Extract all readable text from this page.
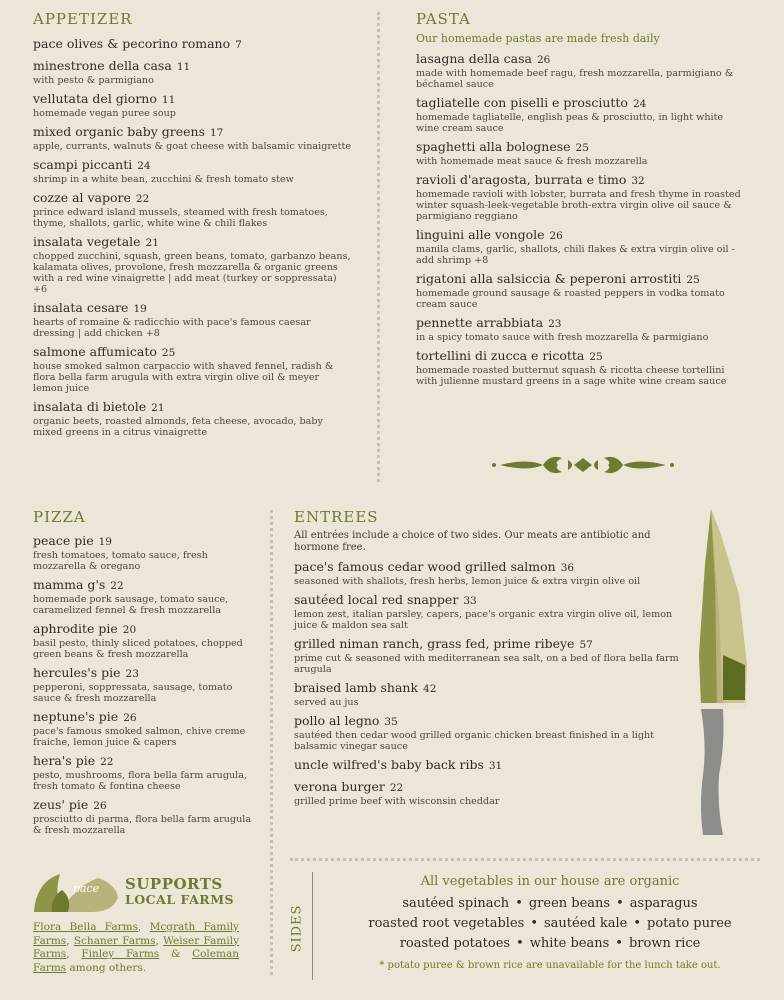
APPETIZER	PASTA
PIZZA	ENTREES
pace olives & pecorino romano 7
minestrone della casa 11
with pesto & parmigiano
vellutata del giorno 11
homemade vegan puree soup
mixed organic baby greens 17
apple, currants, walnuts & goat cheese with balsamic vinaigrette
scampi piccanti 24
shrimp in a white bean, zucchini & fresh tomato stew
cozze al vapore 22
prince edward island mussels, steamed with fresh tomatoes, thyme, shallots, garlic, white wine & chili flakes
insalata vegetale 21
chopped zucchini, squash, green beans, tomato, garbanzo beans, kalamata olives, provolone, fresh mozzarella & organic greens with a red wine vinaigrette | add meat (turkey or soppressata) +6
insalata cesare 19
hearts of romaine & radicchio with pace's famous caesar dressing | add chicken +8
salmone affumicato 25
house smoked salmon carpaccio with shaved fennel, radish & flora bella farm arugula with extra virgin olive oil & meyer lemon juice
insalata di bietole 21
organic beets, roasted almonds, feta cheese, avocado, baby mixed greens in a citrus vinaigrette
Our homemade pastas are made fresh daily
lasagna della casa 26
made with homemade beef ragu, fresh mozzarella, parmigiano & béchamel sauce
tagliatelle con piselli e prosciutto 24
homemade tagliatelle, english peas & prosciutto, in light white wine cream sauce
spaghetti alla bolognese 25
with homemade meat sauce & fresh mozzarella
ravioli d'aragosta, burrata e timo 32
homemade ravioli with lobster, burrata and fresh thyme in roasted winter squash-leek-vegetable broth-extra virgin olive oil sauce & parmigiano reggiano
linguini alle vongole 26
manila clams, garlic, shallots, chili flakes & extra virgin olive oil - add shrimp +8
rigatoni alla salsiccia & peperoni arrostiti 25
homemade ground sausage & roasted peppers in vodka tomato cream sauce
pennette arrabbiata 23
in a spicy tomato sauce with fresh mozzarella & parmigiano
tortellini di zucca e ricotta 25
homemade roasted butternut squash & ricotta cheese tortellini with julienne mustard greens in a sage white wine cream sauce
peace pie 19
fresh tomatoes, tomato sauce, fresh mozzarella & oregano
mamma g's 22
homemade pork sausage, tomato sauce, caramelized fennel & fresh mozzarella
aphrodite pie 20
basil pesto, thinly sliced potatoes, chopped green beans & fresh mozzarella
hercules's pie 23
pepperoni, soppressata, sausage, tomato sauce & fresh mozzarella
neptune's pie 26
pace's famous smoked salmon, chive creme fraiche, lemon juice & capers
hera's pie 22
pesto, mushrooms, flora bella farm arugula, fresh tomato & fontina cheese
zeus' pie 26
prosciutto di parma, flora bella farm arugula & fresh mozzarella
All entrées include a choice of two sides. Our meats are antibiotic and hormone free.
pace's famous cedar wood grilled salmon 36
seasoned with shallots, fresh herbs, lemon juice & extra virgin olive oil
sautéed local red snapper 33
lemon zest, italian parsley, capers, pace's organic extra virgin olive oil, lemon juice & maldon sea salt
grilled niman ranch, grass fed, prime ribeye 57
prime cut & seasoned with mediterranean sea salt, on a bed of flora bella farm arugula
braised lamb shank 42
served au jus
pollo al legno 35
sautéed then cedar wood grilled organic chicken breast finished in a light balsamic vinegar sauce
uncle wilfred's baby back ribs 31
verona burger 22
grilled prime beef with wisconsin cheddar
SIDES
All vegetables in our house are organic
sautéed spinach • green beans • asparagus
roasted root vegetables • sautéed kale • potato puree
roasted potatoes • white beans • brown rice
* potato puree & brown rice are unavailable for the lunch take out.
pace SUPPORTS
LOCAL FARMS
Flora Bella Farms, Mcgrath Family Farms, Schaner Farms, Weiser Family Farms, Finley Farms & Coleman Farms among others.
